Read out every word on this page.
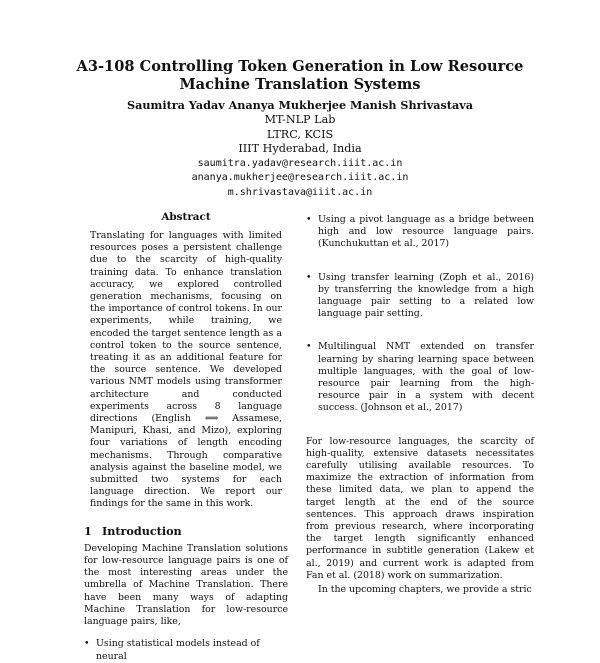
A3-108 Controlling Token Generation in Low Resource Machine Translation Systems
Saumitra Yadav Ananya Mukherjee Manish Shrivastava
MT-NLP Lab
LTRC, KCIS
IIIT Hyderabad, India
saumitra.yadav@research.iiit.ac.in
ananya.mukherjee@research.iiit.ac.in
m.shrivastava@iiit.ac.in
Abstract

Translating for languages with limited resources poses a persistent challenge due to the scarcity of high-quality training data. To enhance translation accuracy, we explored controlled generation mechanisms, focusing on the importance of control tokens. In our experiments, while training, we encoded the target sentence length as a control token to the source sentence, treating it as an additional feature for the source sentence. We developed various NMT models using transformer architecture and conducted experiments across 8 language directions (English ⟺ Assamese, Manipuri, Khasi, and Mizo), exploring four variations of length encoding mechanisms. Through comparative analysis against the baseline model, we submitted two systems for each language direction. We report our findings for the same in this work.

1 Introduction

Developing Machine Translation solutions for low-resource language pairs is one of the most interesting areas under the umbrella of Machine Translation. There have been many ways of adapting Machine Translation for low-resource language pairs, like,

• Using statistical models instead of neural
• Using a pivot language as a bridge between high and low resource language pairs. (Kunchukuttan et al., 2017)
• Using transfer learning (Zoph et al., 2016) by transferring the knowledge from a high language pair setting to a related low language pair setting.
• Multilingual NMT extended on transfer learning by sharing learning space between multiple languages, with the goal of low-resource pair learning from the high-resource pair in a system with decent success. (Johnson et al., 2017)

For low-resource languages, the scarcity of high-quality, extensive datasets necessitates carefully utilising available resources. To maximize the extraction of information from these limited data, we plan to append the target length at the end of the source sentences. This approach draws inspiration from previous research, where incorporating the target length significantly enhanced performance in subtitle generation (Lakew et al., 2019) and current work is adapted from Fan et al. (2018) work on summarization.

In the upcoming chapters, we provide a stric
